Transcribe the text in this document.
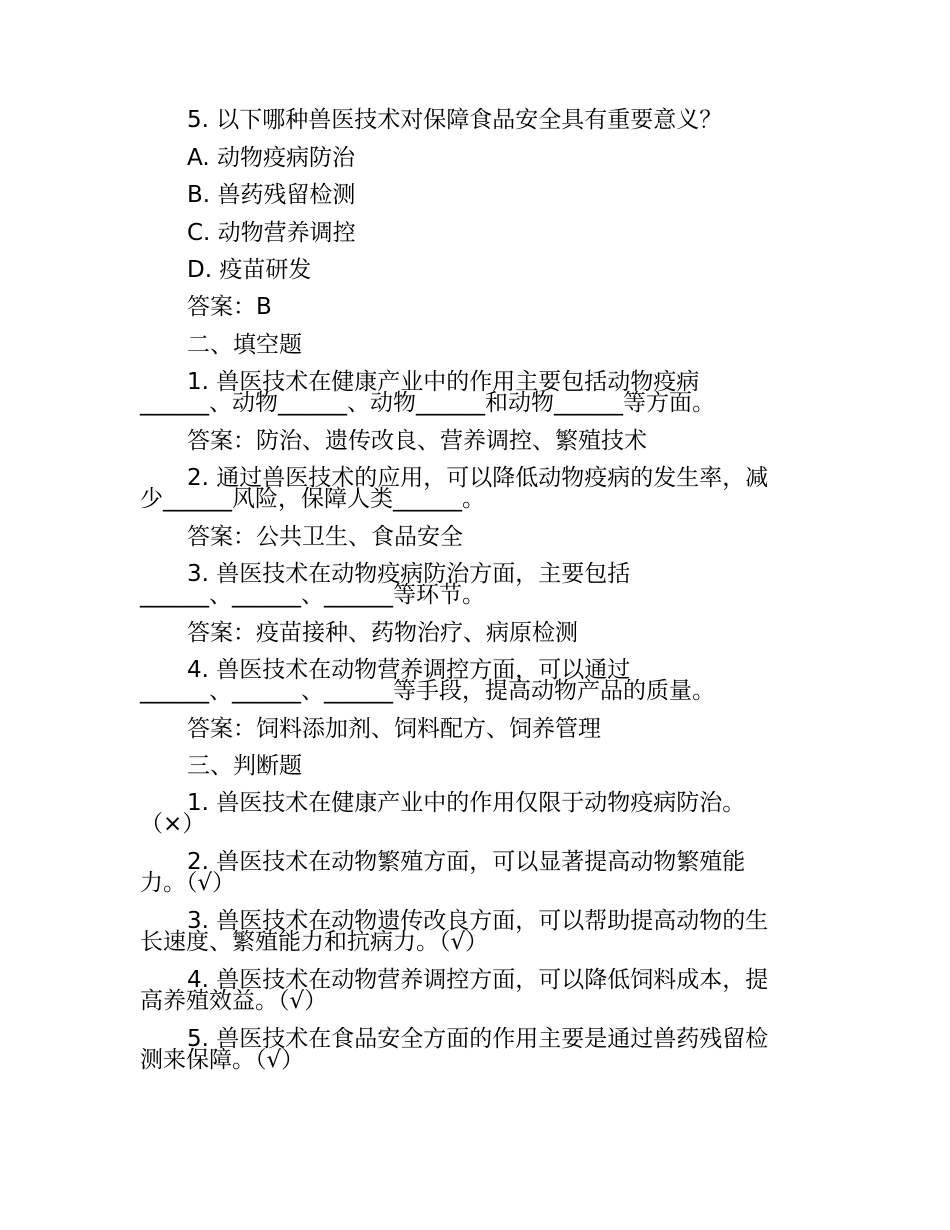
5. 以下哪种兽医技术对保障食品安全具有重要意义？
A. 动物疫病防治
B. 兽药残留检测
C. 动物营养调控
D. 疫苗研发
答案：B
二、填空题
1. 兽医技术在健康产业中的作用主要包括动物疫病
______、动物______、动物______和动物______等方面。
答案：防治、遗传改良、营养调控、繁殖技术
2. 通过兽医技术的应用，可以降低动物疫病的发生率，减
少______风险，保障人类______。
答案：公共卫生、食品安全
3. 兽医技术在动物疫病防治方面，主要包括
______、______、______等环节。
答案：疫苗接种、药物治疗、病原检测
4. 兽医技术在动物营养调控方面，可以通过
______、______、______等手段，提高动物产品的质量。
答案：饲料添加剂、饲料配方、饲养管理
三、判断题
1. 兽医技术在健康产业中的作用仅限于动物疫病防治。
（×）
2. 兽医技术在动物繁殖方面，可以显著提高动物繁殖能
力。（√）
3. 兽医技术在动物遗传改良方面，可以帮助提高动物的生
长速度、繁殖能力和抗病力。（√）
4. 兽医技术在动物营养调控方面，可以降低饲料成本，提
高养殖效益。（√）
5. 兽医技术在食品安全方面的作用主要是通过兽药残留检
测来保障。（√）
